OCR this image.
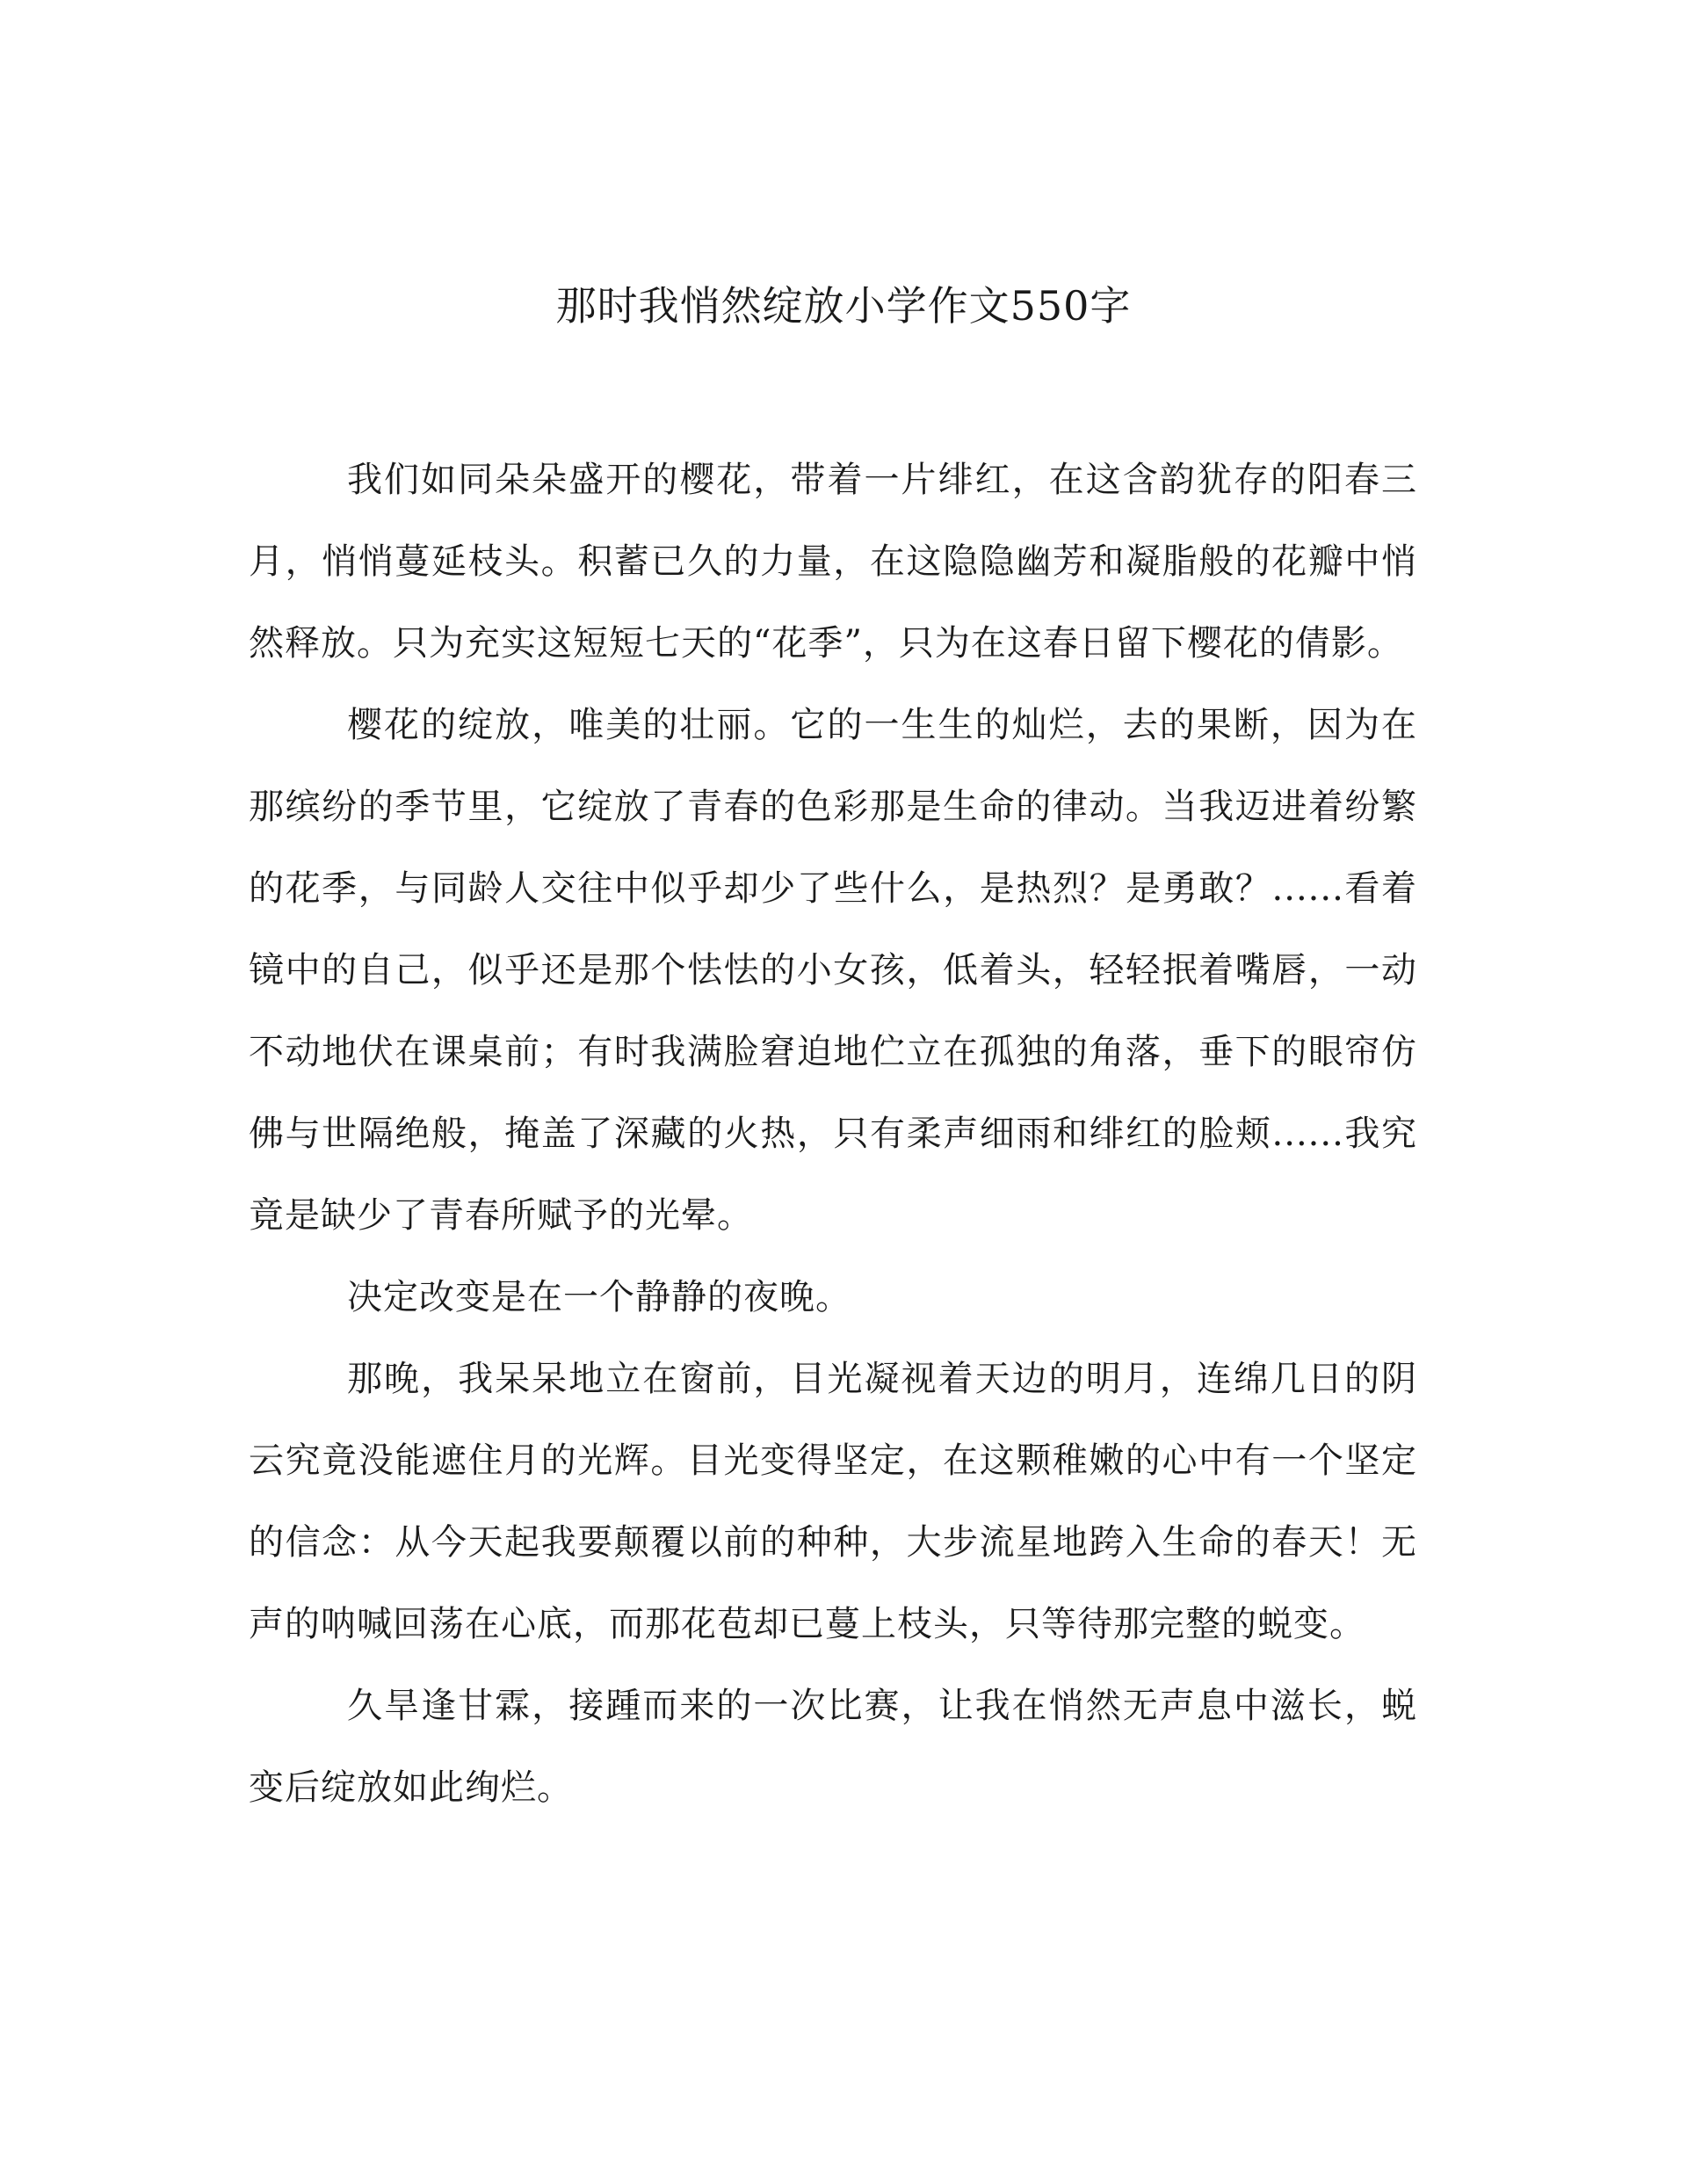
那时我悄然绽放小学作文550字

我们如同朵朵盛开的樱花，带着一片绯红，在这含韵犹存的阳春三月，悄悄蔓延枝头。积蓄已久的力量，在这隐隐幽芳和凝脂般的花瓣中悄然释放。只为充实这短短七天的“花季”，只为在这春日留下樱花的倩影。

樱花的绽放，唯美的壮丽。它的一生生的灿烂，去的果断，因为在那缤纷的季节里，它绽放了青春的色彩那是生命的律动。当我迈进着纷繁的花季，与同龄人交往中似乎却少了些什么，是热烈？是勇敢？......看着镜中的自己，似乎还是那个怯怯的小女孩，低着头，轻轻抿着嘴唇，一动不动地伏在课桌前；有时我满脸窘迫地伫立在孤独的角落，垂下的眼帘仿佛与世隔绝般，掩盖了深藏的火热，只有柔声细雨和绯红的脸颊......我究竟是缺少了青春所赋予的光晕。

决定改变是在一个静静的夜晚。

那晚，我呆呆地立在窗前，目光凝视着天边的明月，连绵几日的阴云究竟没能遮住月的光辉。目光变得坚定，在这颗稚嫩的心中有一个坚定的信念：从今天起我要颠覆以前的种种，大步流星地跨入生命的春天！无声的呐喊回荡在心底，而那花苞却已蔓上枝头，只等待那完整的蜕变。

久旱逢甘霖，接踵而来的一次比赛，让我在悄然无声息中滋长，蜕变后绽放如此绚烂。
